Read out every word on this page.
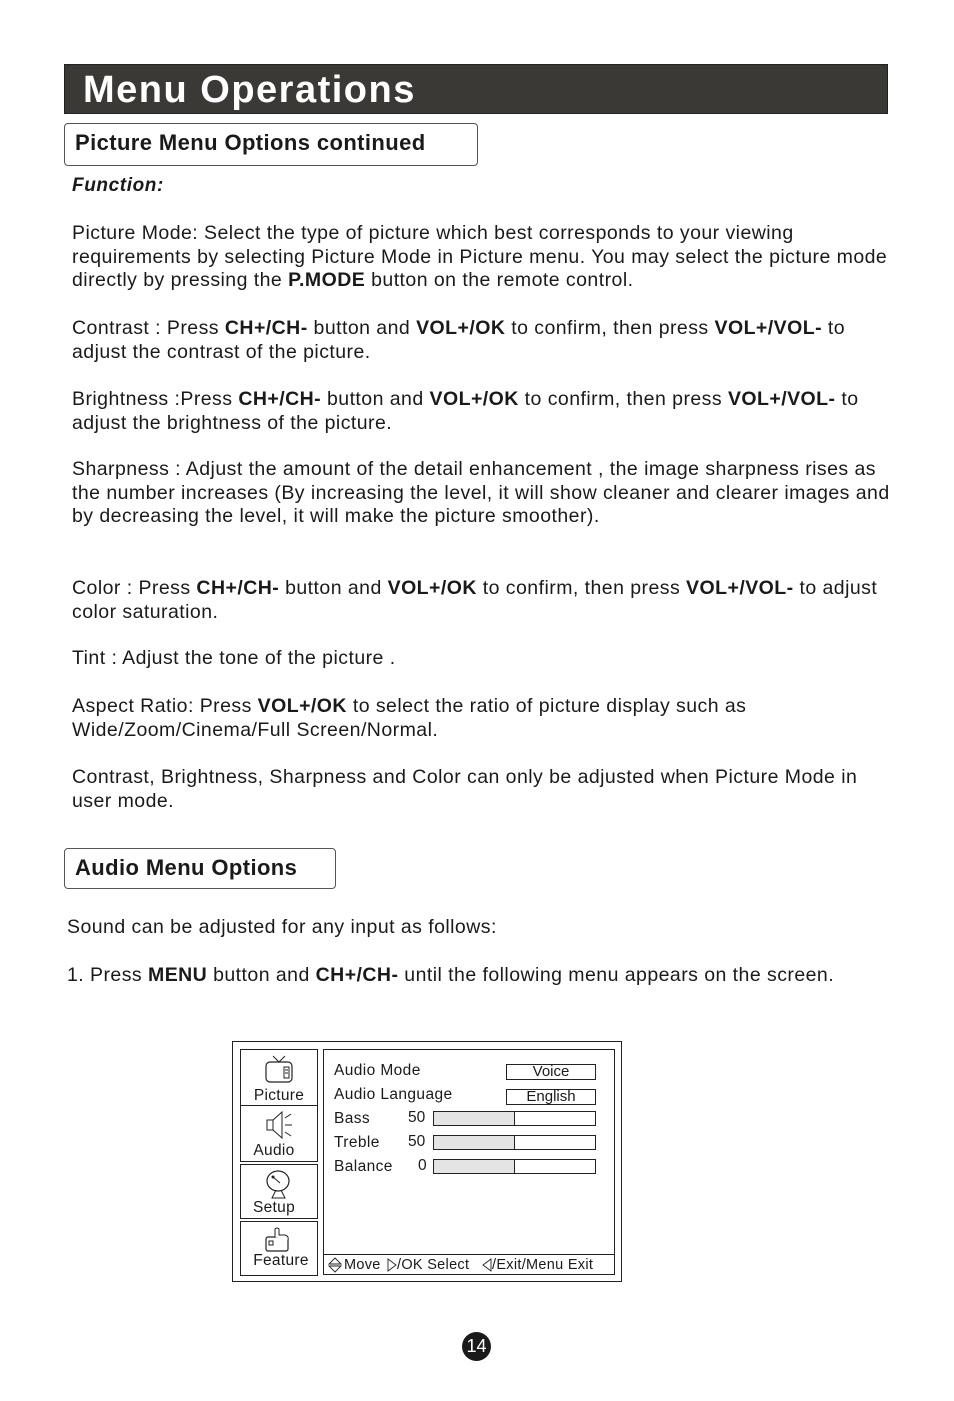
Menu Operations
Picture Menu Options continued
Function:

Picture Mode: Select the type of picture which best corresponds to your viewing requirements by selecting Picture Mode in Picture menu. You may select the picture mode directly by pressing the P.MODE button on the remote control.

Contrast : Press CH+/CH- button and VOL+/OK to confirm, then press VOL+/VOL- to adjust the contrast of the picture.

Brightness :Press CH+/CH- button and VOL+/OK to confirm, then press VOL+/VOL- to adjust the brightness of the picture.

Sharpness : Adjust the amount of the detail enhancement , the image sharpness rises as the number increases (By increasing the level, it will show cleaner and clearer images and by decreasing the level, it will make the picture smoother).

Color : Press CH+/CH- button and VOL+/OK to confirm, then press VOL+/VOL- to adjust color saturation.

Tint : Adjust the tone of the picture .

Aspect Ratio: Press VOL+/OK to select the ratio of picture display such as Wide/Zoom/Cinema/Full Screen/Normal.

Contrast, Brightness, Sharpness and Color can only be adjusted when Picture Mode in user mode.

Audio Menu Options

Sound can be adjusted for any input as follows:

1. Press MENU button and CH+/CH- until the following menu appears on the screen.

Picture
Audio
Setup
Feature
Audio Mode	Voice
Audio Language	English
Bass 50
Treble 50
Balance 0
Move /OK Select /Exit/Menu Exit
14
